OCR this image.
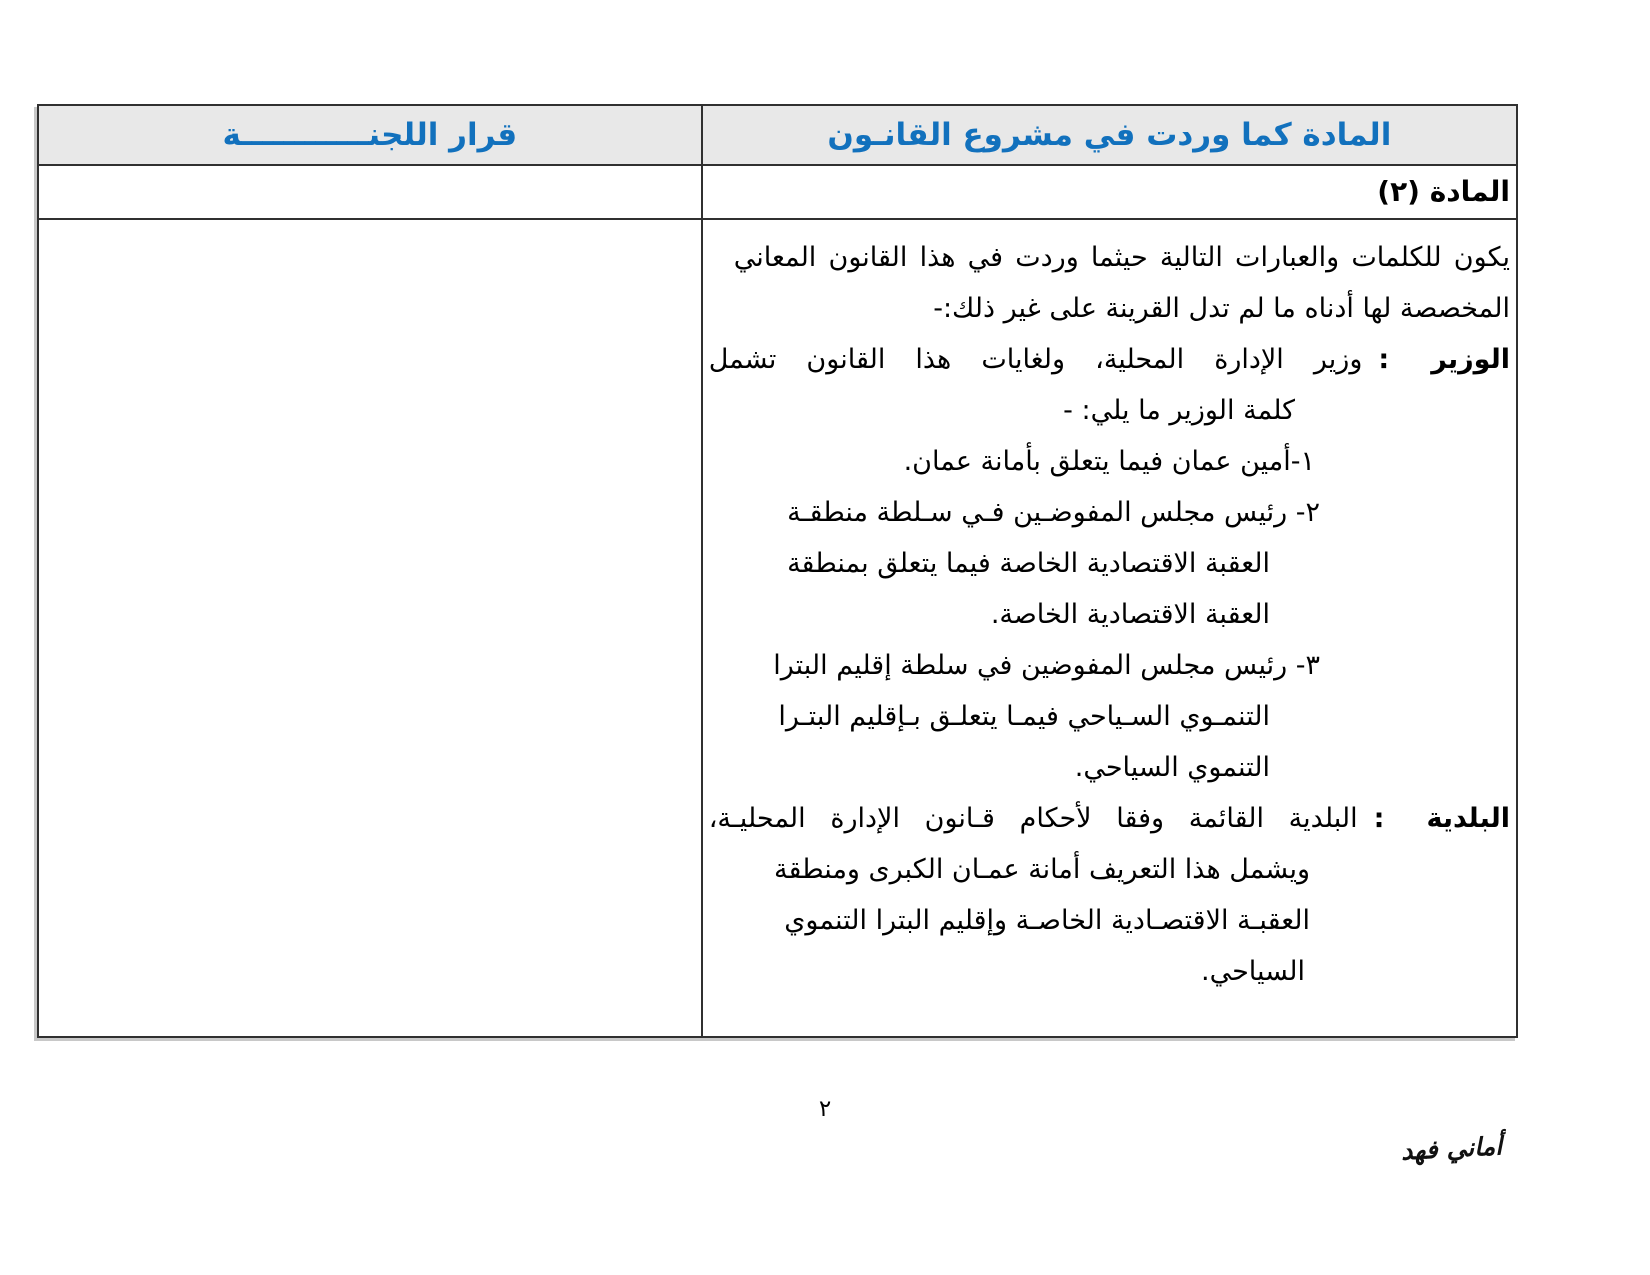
المادة كما وردت في مشروع القانـون	قرار اللجنــــــــــــة

المادة (٢)	

يكون للكلمات والعبارات التالية حيثما وردت في هذا القانون المعاني
المخصصة لها أدناه ما لم تدل القرينة على غير ذلك:-
الوزير
:
وزير الإدارة المحلية، ولغايات هذا القانون تشمل
كلمة الوزير ما يلي: -
١-أمين عمان فيما يتعلق بأمانة عمان.
٢- رئيس مجلس المفوضـين فـي سـلطة منطقـة
العقبة الاقتصادية الخاصة فيما يتعلق بمنطقة
العقبة الاقتصادية الخاصة.
٣- رئيس مجلس المفوضين في سلطة إقليم البترا
التنمـوي السـياحي فيمـا يتعلـق بـإقليم البتـرا
التنموي السياحي.
البلدية
:
البلدية القائمة وفقا لأحكام قـانون الإدارة المحليـة،
ويشمل هذا التعريف أمانة عمـان الكبرى ومنطقة
العقبـة الاقتصـادية الخاصـة وإقليم البترا التنموي
السياحي.

٢
أماني فهد
